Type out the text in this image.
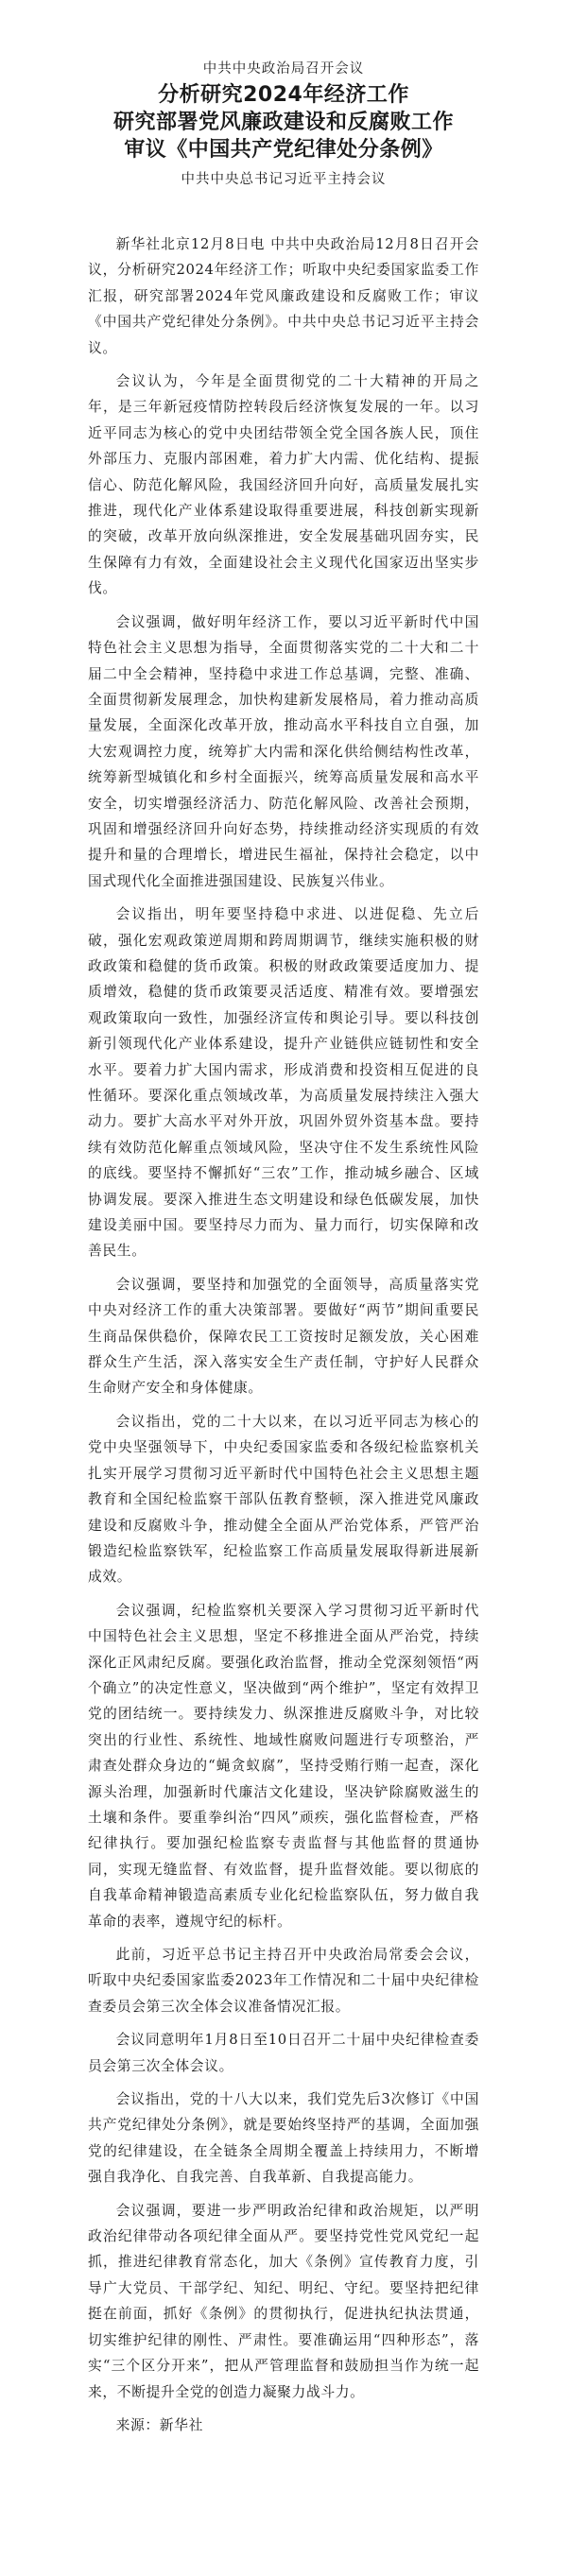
中共中央政治局召开会议

分析研究2024年经济工作

研究部署党风廉政建设和反腐败工作

审议《中国共产党纪律处分条例》

中共中央总书记习近平主持会议

新华社北京12月8日电 中共中央政治局12月8日召开会议，分析研究2024年经济工作；听取中央纪委国家监委工作汇报，研究部署2024年党风廉政建设和反腐败工作；审议《中国共产党纪律处分条例》。中共中央总书记习近平主持会议。

会议认为，今年是全面贯彻党的二十大精神的开局之年，是三年新冠疫情防控转段后经济恢复发展的一年。以习近平同志为核心的党中央团结带领全党全国各族人民，顶住外部压力、克服内部困难，着力扩大内需、优化结构、提振信心、防范化解风险，我国经济回升向好，高质量发展扎实推进，现代化产业体系建设取得重要进展，科技创新实现新的突破，改革开放向纵深推进，安全发展基础巩固夯实，民生保障有力有效，全面建设社会主义现代化国家迈出坚实步伐。

会议强调，做好明年经济工作，要以习近平新时代中国特色社会主义思想为指导，全面贯彻落实党的二十大和二十届二中全会精神，坚持稳中求进工作总基调，完整、准确、全面贯彻新发展理念，加快构建新发展格局，着力推动高质量发展，全面深化改革开放，推动高水平科技自立自强，加大宏观调控力度，统筹扩大内需和深化供给侧结构性改革，统筹新型城镇化和乡村全面振兴，统筹高质量发展和高水平安全，切实增强经济活力、防范化解风险、改善社会预期，巩固和增强经济回升向好态势，持续推动经济实现质的有效提升和量的合理增长，增进民生福祉，保持社会稳定，以中国式现代化全面推进强国建设、民族复兴伟业。

会议指出，明年要坚持稳中求进、以进促稳、先立后破，强化宏观政策逆周期和跨周期调节，继续实施积极的财政政策和稳健的货币政策。积极的财政政策要适度加力、提质增效，稳健的货币政策要灵活适度、精准有效。要增强宏观政策取向一致性，加强经济宣传和舆论引导。要以科技创新引领现代化产业体系建设，提升产业链供应链韧性和安全水平。要着力扩大国内需求，形成消费和投资相互促进的良性循环。要深化重点领域改革，为高质量发展持续注入强大动力。要扩大高水平对外开放，巩固外贸外资基本盘。要持续有效防范化解重点领域风险，坚决守住不发生系统性风险的底线。要坚持不懈抓好“三农”工作，推动城乡融合、区域协调发展。要深入推进生态文明建设和绿色低碳发展，加快建设美丽中国。要坚持尽力而为、量力而行，切实保障和改善民生。

会议强调，要坚持和加强党的全面领导，高质量落实党中央对经济工作的重大决策部署。要做好“两节”期间重要民生商品保供稳价，保障农民工工资按时足额发放，关心困难群众生产生活，深入落实安全生产责任制，守护好人民群众生命财产安全和身体健康。

会议指出，党的二十大以来，在以习近平同志为核心的党中央坚强领导下，中央纪委国家监委和各级纪检监察机关扎实开展学习贯彻习近平新时代中国特色社会主义思想主题教育和全国纪检监察干部队伍教育整顿，深入推进党风廉政建设和反腐败斗争，推动健全全面从严治党体系，严管严治锻造纪检监察铁军，纪检监察工作高质量发展取得新进展新成效。

会议强调，纪检监察机关要深入学习贯彻习近平新时代中国特色社会主义思想，坚定不移推进全面从严治党，持续深化正风肃纪反腐。要强化政治监督，推动全党深刻领悟“两个确立”的决定性意义，坚决做到“两个维护”，坚定有效捍卫党的团结统一。要持续发力、纵深推进反腐败斗争，对比较突出的行业性、系统性、地域性腐败问题进行专项整治，严肃查处群众身边的“蝇贪蚁腐”，坚持受贿行贿一起查，深化源头治理，加强新时代廉洁文化建设，坚决铲除腐败滋生的土壤和条件。要重拳纠治“四风”顽疾，强化监督检查，严格纪律执行。要加强纪检监察专责监督与其他监督的贯通协同，实现无缝监督、有效监督，提升监督效能。要以彻底的自我革命精神锻造高素质专业化纪检监察队伍，努力做自我革命的表率，遵规守纪的标杆。

此前，习近平总书记主持召开中央政治局常委会会议，听取中央纪委国家监委2023年工作情况和二十届中央纪律检查委员会第三次全体会议准备情况汇报。

会议同意明年1月8日至10日召开二十届中央纪律检查委员会第三次全体会议。

会议指出，党的十八大以来，我们党先后3次修订《中国共产党纪律处分条例》，就是要始终坚持严的基调，全面加强党的纪律建设，在全链条全周期全覆盖上持续用力，不断增强自我净化、自我完善、自我革新、自我提高能力。

会议强调，要进一步严明政治纪律和政治规矩，以严明政治纪律带动各项纪律全面从严。要坚持党性党风党纪一起抓，推进纪律教育常态化，加大《条例》宣传教育力度，引导广大党员、干部学纪、知纪、明纪、守纪。要坚持把纪律挺在前面，抓好《条例》的贯彻执行，促进执纪执法贯通，切实维护纪律的刚性、严肃性。要准确运用“四种形态”，落实“三个区分开来”，把从严管理监督和鼓励担当作为统一起来，不断提升全党的创造力凝聚力战斗力。

来源：新华社
